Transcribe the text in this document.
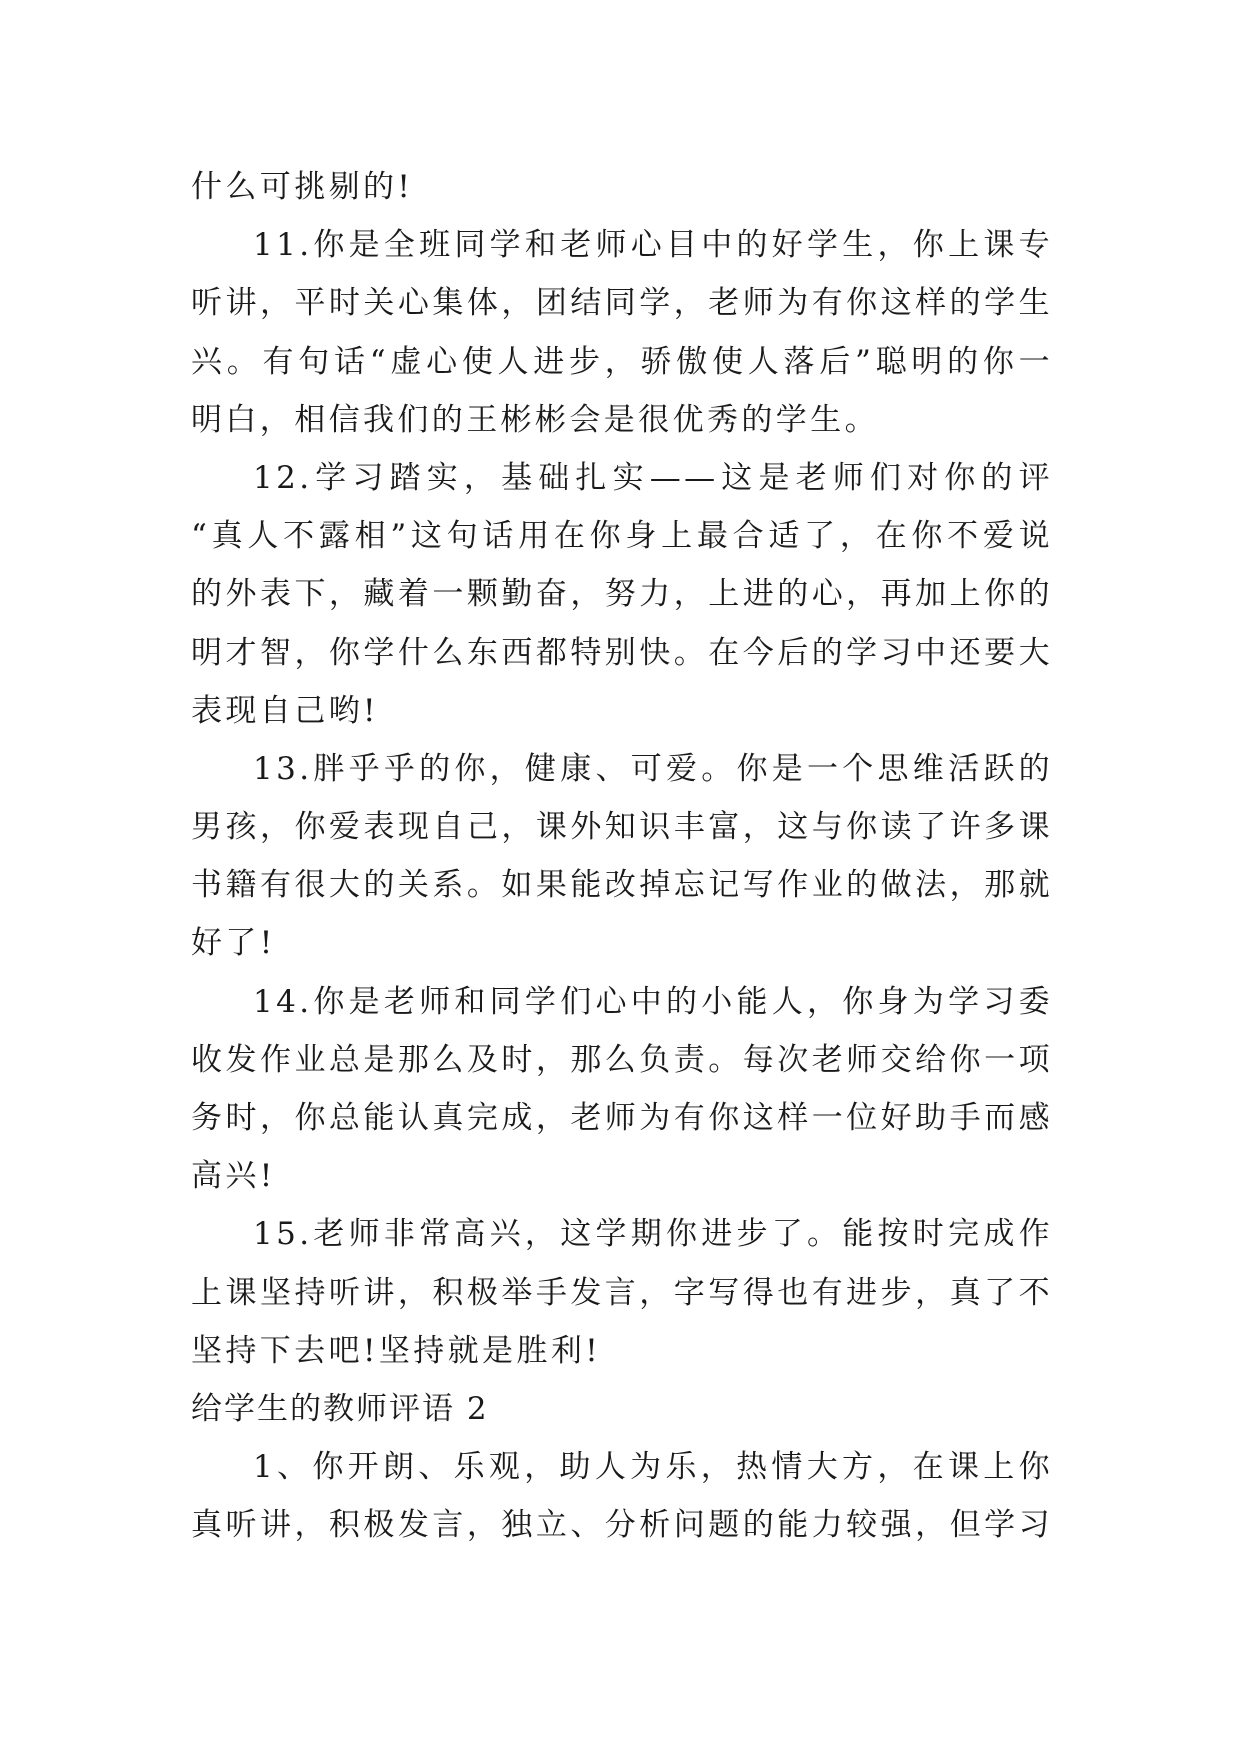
什么可挑剔的!
11.你是全班同学和老师心目中的好学生，你上课专
听讲，平时关心集体，团结同学，老师为有你这样的学生
兴。有句话“虚心使人进步，骄傲使人落后”聪明的你一
明白，相信我们的王彬彬会是很优秀的学生。
12.学习踏实，基础扎实——这是老师们对你的评
“真人不露相”这句话用在你身上最合适了，在你不爱说
的外表下，藏着一颗勤奋，努力，上进的心，再加上你的
明才智，你学什么东西都特别快。在今后的学习中还要大
表现自己哟!
13.胖乎乎的你，健康、可爱。你是一个思维活跃的
男孩，你爱表现自己，课外知识丰富，这与你读了许多课
书籍有很大的关系。如果能改掉忘记写作业的做法，那就
好了!
14.你是老师和同学们心中的小能人，你身为学习委
收发作业总是那么及时，那么负责。每次老师交给你一项
务时，你总能认真完成，老师为有你这样一位好助手而感
高兴!
15.老师非常高兴，这学期你进步了。能按时完成作
上课坚持听讲，积极举手发言，字写得也有进步，真了不
坚持下去吧!坚持就是胜利!
给学生的教师评语 2
1、你开朗、乐观，助人为乐，热情大方，在课上你
真听讲，积极发言，独立、分析问题的能力较强，但学习
